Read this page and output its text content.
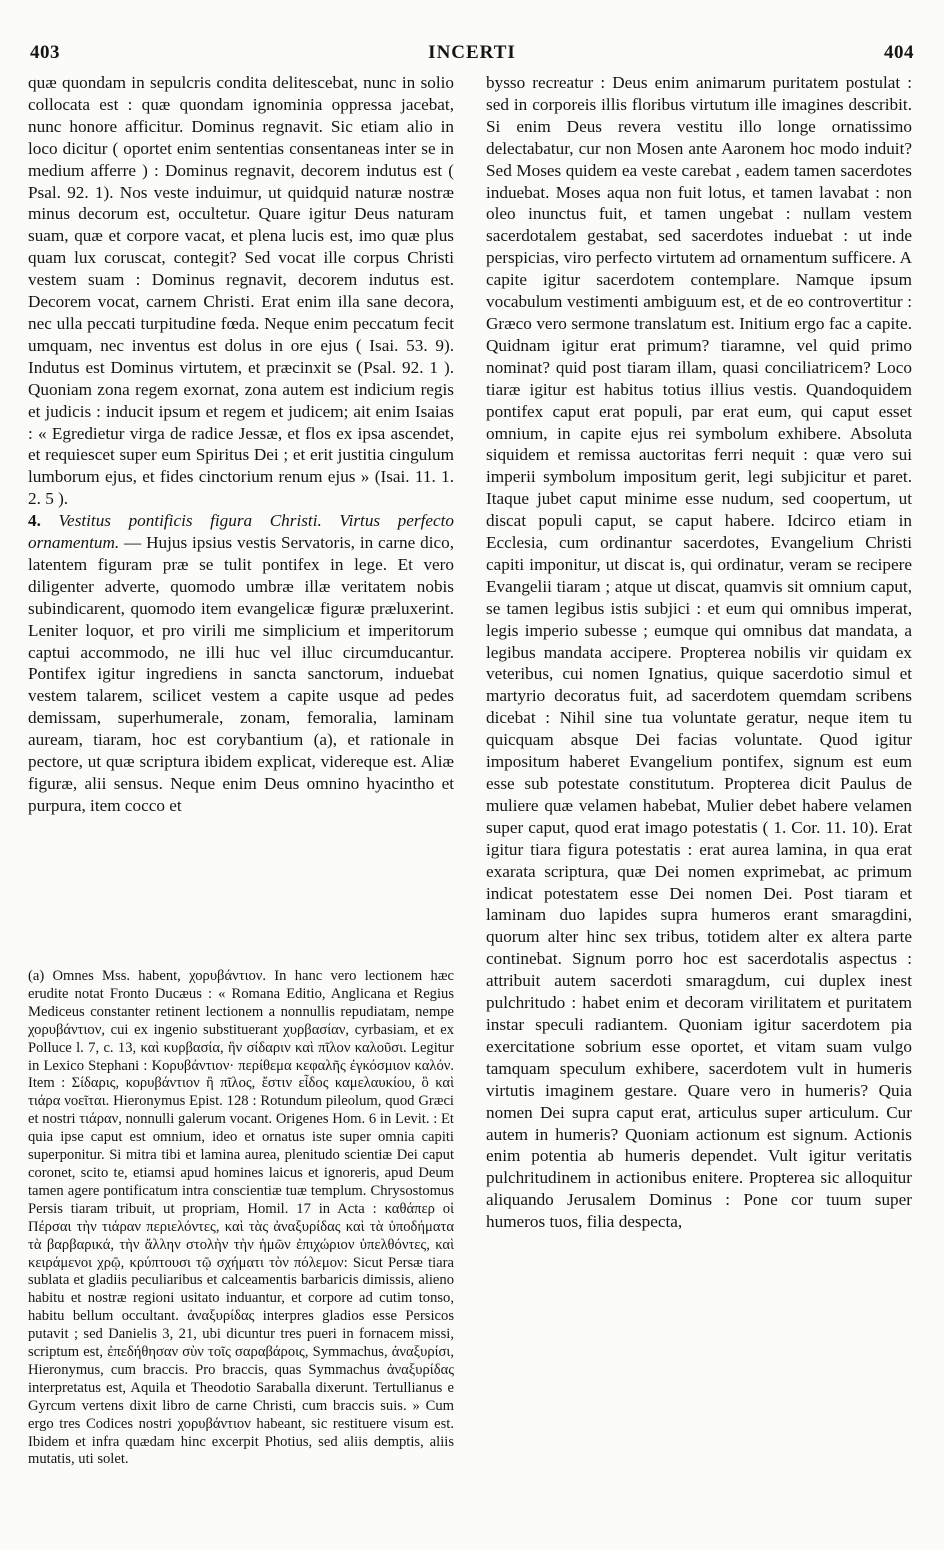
403	INCERTI	404

quæ quondam in sepulcris condita delitescebat, nunc in solio collocata est : quæ quondam ignominia oppressa jacebat, nunc honore afficitur. Dominus regnavit. Sic etiam alio in loco dicitur ( oportet enim sententias consentaneas inter se in medium afferre ) : Dominus regnavit, decorem indutus est ( Psal. 92. 1). Nos veste induimur, ut quidquid naturæ nostræ minus decorum est, occultetur. Quare igitur Deus naturam suam, quæ et corpore vacat, et plena lucis est, imo quæ plus quam lux coruscat, contegit? Sed vocat ille corpus Christi vestem suam : Dominus regnavit, decorem indutus est. Decorem vocat, carnem Christi. Erat enim illa sane decora, nec ulla peccati turpitudine fœda. Neque enim peccatum fecit umquam, nec inventus est dolus in ore ejus ( Isai. 53. 9). Indutus est Dominus virtutem, et præcinxit se (Psal. 92. 1 ). Quoniam zona regem exornat, zona autem est indicium regis et judicis : inducit ipsum et regem et judicem; ait enim Isaias : « Egredietur virga de radice Jessæ, et flos ex ipsa ascendet, et requiescet super eum Spiritus Dei ; et erit justitia cingulum lumborum ejus, et fides cinctorium renum ejus » (Isai. 11. 1. 2. 5 ).

4. Vestitus pontificis figura Christi. Virtus perfecto ornamentum. — Hujus ipsius vestis Servatoris, in carne dico, latentem figuram præ se tulit pontifex in lege. Et vero diligenter adverte, quomodo umbræ illæ veritatem nobis subindicarent, quomodo item evangelicæ figuræ præluxerint. Leniter loquor, et pro virili me simplicium et imperitorum captui accommodo, ne illi huc vel illuc circumducantur. Pontifex igitur ingrediens in sancta sanctorum, induebat vestem talarem, scilicet vestem a capite usque ad pedes demissam, superhumerale, zonam, femoralia, laminam auream, tiaram, hoc est corybantium (a), et rationale in pectore, ut quæ scriptura ibidem explicat, videreque est. Aliæ figuræ, alii sensus. Neque enim Deus omnino hyacintho et purpura, item cocco et

(a) Omnes Mss. habent, χορυβάντιον. In hanc vero lectionem hæc erudite notat Fronto Ducæus : « Romana Editio, Anglicana et Regius Mediceus constanter retinent lectionem a nonnullis repudiatam, nempe χορυβάντιον, cui ex ingenio substituerant χυρβασίαν, cyrbasiam, et ex Polluce l. 7, c. 13, καὶ κυρβασία, ἣν σίδαριν καὶ πῖλον καλοῦσι. Legitur in Lexico Stephani : Κορυβάντιον· περίθεμα κεφαλῆς ἐγκόσμιον καλόν. Item : Σίδαρις, κορυβάντιον ἢ πῖλος, ἔστιν εἶδος καμελαυκίου, ὃ καὶ τιάρα νοεῖται. Hieronymus Epist. 128 : Rotundum pileolum, quod Græci et nostri τιάραν, nonnulli galerum vocant. Origenes Hom. 6 in Levit. : Et quia ipse caput est omnium, ideo et ornatus iste super omnia capiti superponitur. Si mitra tibi et lamina aurea, plenitudo scientiæ Dei caput coronet, scito te, etiamsi apud homines laicus et ignoreris, apud Deum tamen agere pontificatum intra conscientiæ tuæ templum. Chrysostomus Persis tiaram tribuit, ut propriam, Homil. 17 in Acta : καθάπερ οἱ Πέρσαι τὴν τιάραν περιελόντες, καὶ τὰς ἀναξυρίδας καὶ τὰ ὑποδήματα τὰ βαρβαρικά, τὴν ἄλλην στολὴν τὴν ἡμῶν ἐπιχώριον ὑπελθόντες, καὶ κειράμενοι χρῷ, κρύπτουσι τῷ σχήματι τὸν πόλεμον: Sicut Persæ tiara sublata et gladiis peculiaribus et calceamentis barbaricis dimissis, alieno habitu et nostræ regioni usitato induantur, et corpore ad cutim tonso, habitu bellum occultant. ἀναξυρίδας interpres gladios esse Persicos putavit ; sed Danielis 3, 21, ubi dicuntur tres pueri in fornacem missi, scriptum est, ἐπεδήθησαν σὺν τοῖς σαραβάροις, Symmachus, ἀναξυρίσι, Hieronymus, cum braccis. Pro braccis, quas Symmachus ἀναξυρίδας interpretatus est, Aquila et Theodotio Saraballa dixerunt. Tertullianus e Gyrcum vertens dixit libro de carne Christi, cum braccis suis. » Cum ergo tres Codices nostri χορυβάντιον habeant, sic restituere visum est. Ibidem et infra quædam hinc excerpit Photius, sed aliis demptis, aliis mutatis, uti solet.

bysso recreatur : Deus enim animarum puritatem postulat : sed in corporeis illis floribus virtutum ille imagines describit. Si enim Deus revera vestitu illo longe ornatissimo delectabatur, cur non Mosen ante Aaronem hoc modo induit? Sed Moses quidem ea veste carebat , eadem tamen sacerdotes induebat. Moses aqua non fuit lotus, et tamen lavabat : non oleo inunctus fuit, et tamen ungebat : nullam vestem sacerdotalem gestabat, sed sacerdotes induebat : ut inde perspicias, viro perfecto virtutem ad ornamentum sufficere. A capite igitur sacerdotem contemplare. Namque ipsum vocabulum vestimenti ambiguum est, et de eo controvertitur : Græco vero sermone translatum est. Initium ergo fac a capite. Quidnam igitur erat primum? tiaramne, vel quid primo nominat? quid post tiaram illam, quasi conciliatricem? Loco tiaræ igitur est habitus totius illius vestis. Quandoquidem pontifex caput erat populi, par erat eum, qui caput esset omnium, in capite ejus rei symbolum exhibere. Absoluta siquidem et remissa auctoritas ferri nequit : quæ vero sui imperii symbolum impositum gerit, legi subjicitur et paret. Itaque jubet caput minime esse nudum, sed coopertum, ut discat populi caput, se caput habere. Idcirco etiam in Ecclesia, cum ordinantur sacerdotes, Evangelium Christi capiti imponitur, ut discat is, qui ordinatur, veram se recipere Evangelii tiaram ; atque ut discat, quamvis sit omnium caput, se tamen legibus istis subjici : et eum qui omnibus imperat, legis imperio subesse ; eumque qui omnibus dat mandata, a legibus mandata accipere. Propterea nobilis vir quidam ex veteribus, cui nomen Ignatius, quique sacerdotio simul et martyrio decoratus fuit, ad sacerdotem quemdam scribens dicebat : Nihil sine tua voluntate geratur, neque item tu quicquam absque Dei facias voluntate. Quod igitur impositum haberet Evangelium pontifex, signum est eum esse sub potestate constitutum. Propterea dicit Paulus de muliere quæ velamen habebat, Mulier debet habere velamen super caput, quod erat imago potestatis ( 1. Cor. 11. 10). Erat igitur tiara figura potestatis : erat aurea lamina, in qua erat exarata scriptura, quæ Dei nomen exprimebat, ac primum indicat potestatem esse Dei nomen Dei. Post tiaram et laminam duo lapides supra humeros erant smaragdini, quorum alter hinc sex tribus, totidem alter ex altera parte continebat. Signum porro hoc est sacerdotalis aspectus : attribuit autem sacerdoti smaragdum, cui duplex inest pulchritudo : habet enim et decoram virilitatem et puritatem instar speculi radiantem. Quoniam igitur sacerdotem pia exercitatione sobrium esse oportet, et vitam suam vulgo tamquam speculum exhibere, sacerdotem vult in humeris virtutis imaginem gestare. Quare vero in humeris? Quia nomen Dei supra caput erat, articulus super articulum. Cur autem in humeris? Quoniam actionum est signum. Actionis enim potentia ab humeris dependet. Vult igitur veritatis pulchritudinem in actionibus enitere. Propterea sic alloquitur aliquando Jerusalem Dominus : Pone cor tuum super humeros tuos, filia despecta,
